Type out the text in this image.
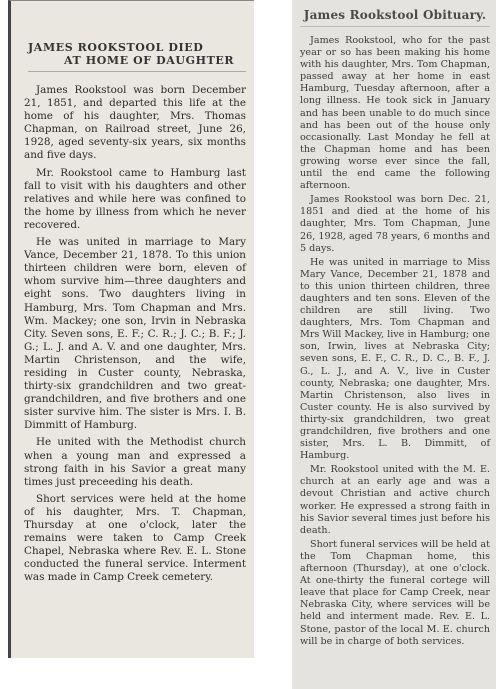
JAMES ROOKSTOOL DIED
AT HOME OF DAUGHTER

James Rookstool was born December 21, 1851, and departed this life at the home of his daughter, Mrs. Thomas Chapman, on Railroad street, June 26, 1928, aged seventy-six years, six months and five days.

Mr. Rookstool came to Hamburg last fall to visit with his daughters and other relatives and while here was confined to the home by illness from which he never recovered.

He was united in marriage to Mary Vance, December 21, 1878. To this union thirteen children were born, eleven of whom survive him—three daughters and eight sons. Two daughters living in Hamburg, Mrs. Tom Chapman and Mrs. Wm. Mackey; one son, Irvin in Nebraska City. Seven sons, E. F.; C. R.; J. C.; B. F.; J. G.; L. J. and A. V. and one daughter, Mrs. Martin Christenson, and the wife, residing in Custer county, Nebraska, thirty-six grandchildren and two great-grandchildren, and five brothers and one sister survive him. The sister is Mrs. I. B. Dimmitt of Hamburg.

He united with the Methodist church when a young man and expressed a strong faith in his Savior a great many times just preceeding his death.

Short services were held at the home of his daughter, Mrs. T. Chapman, Thursday at one o'clock, later the remains were taken to Camp Creek Chapel, Nebraska where Rev. E. L. Stone conducted the funeral service. Interment was made in Camp Creek cemetery.

James Rookstool Obituary.

James Rookstool, who for the past year or so has been making his home with his daughter, Mrs. Tom Chapman, passed away at her home in east Hamburg, Tuesday afternoon, after a long illness. He took sick in January and has been unable to do much since and has been out of the house only occasionally. Last Monday he fell at the Chapman home and has been growing worse ever since the fall, until the end came the following afternoon.

James Rookstool was born Dec. 21, 1851 and died at the home of his daughter, Mrs. Tom Chapman, June 26, 1928, aged 78 years, 6 months and 5 days.

He was united in marriage to Miss Mary Vance, December 21, 1878 and to this union thirteen children, three daughters and ten sons. Eleven of the children are still living. Two daughters, Mrs. Tom Chapman and Mrs Will Mackey, live in Hamburg; one son, Irwin, lives at Nebraska City; seven sons, E. F., C. R., D. C., B. F., J. G., L. J., and A. V., live in Custer county, Nebraska; one daughter, Mrs. Martin Christenson, also lives in Custer county. He is also survived by thirty-six grandchildren, two great grandchildren, five brothers and one sister, Mrs. L. B. Dimmitt, of Hamburg.

Mr. Rookstool united with the M. E. church at an early age and was a devout Christian and active church worker. He expressed a strong faith in his Savior several times just before his death.

Short funeral services will be held at the Tom Chapman home, this afternoon (Thursday), at one o'clock. At one-thirty the funeral cortege will leave that place for Camp Creek, near Nebraska City, where services will be held and interment made. Rev. E. L. Stone, pastor of the local M. E. church will be in charge of both services.
